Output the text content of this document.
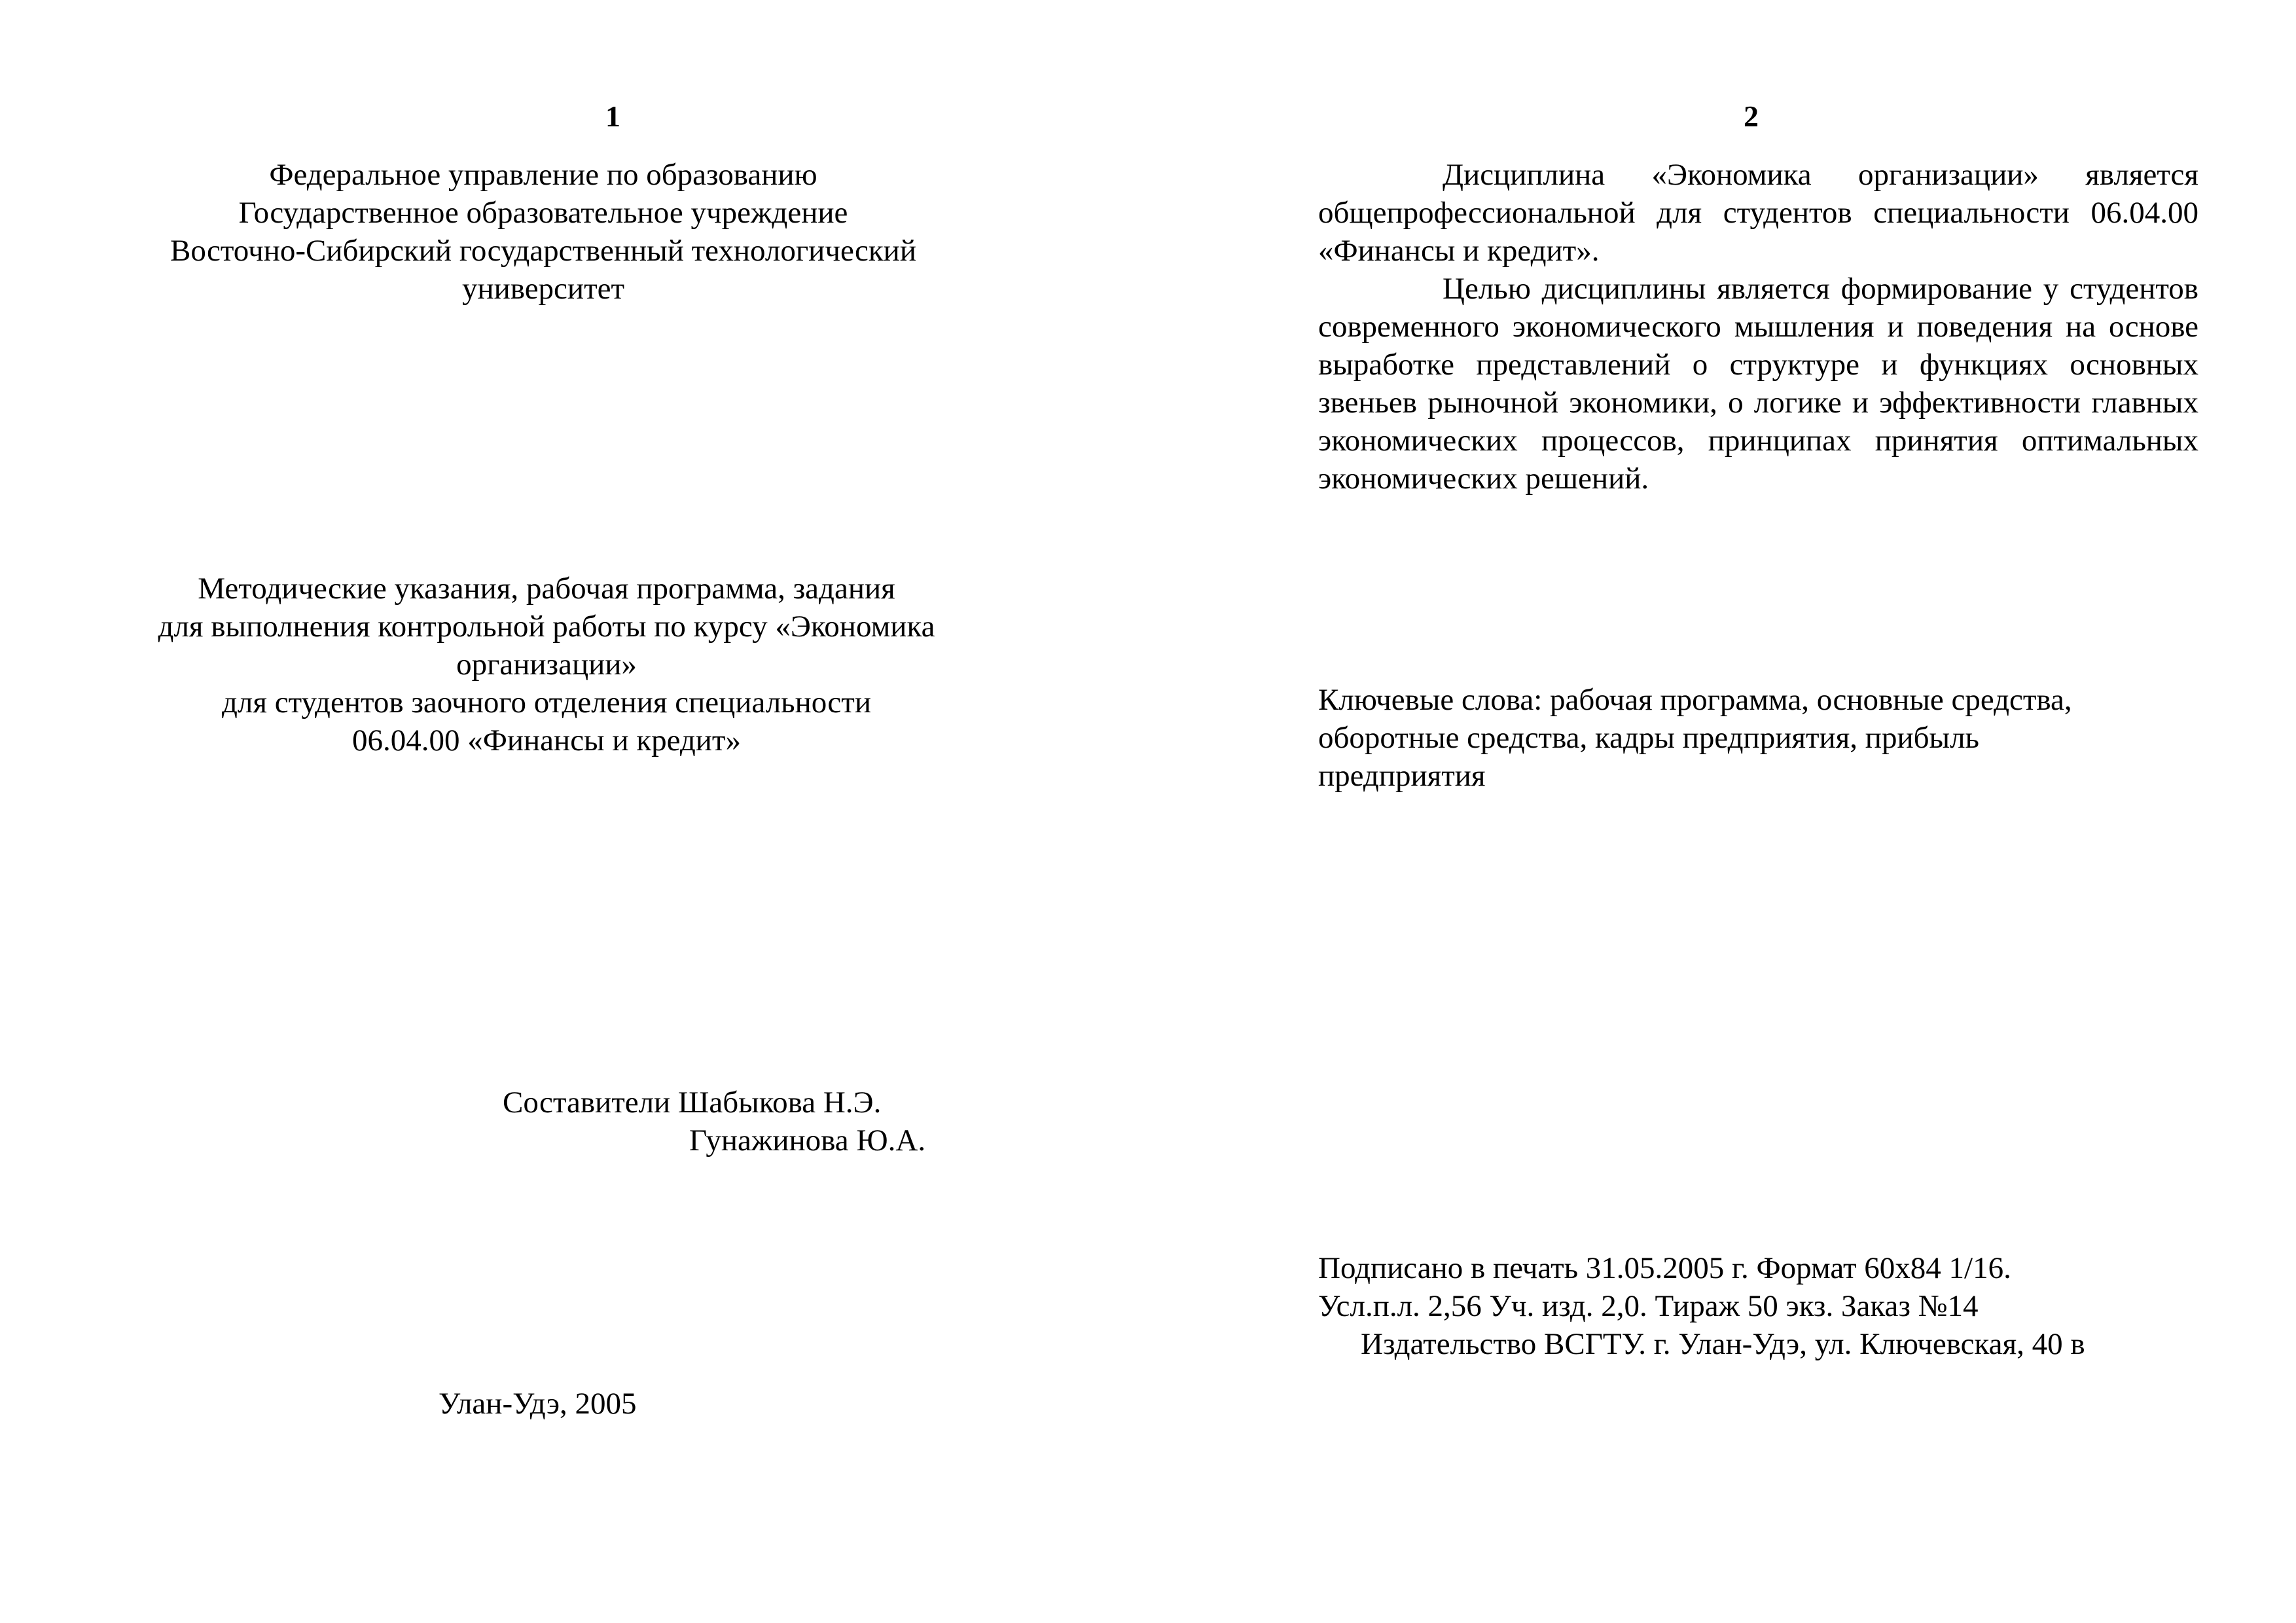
1
Федеральное управление по образованию
Государственное образовательное учреждение
Восточно-Сибирский государственный технологический
университет
Методические указания, рабочая программа, задания
для выполнения контрольной работы по курсу «Экономика
организации»
для студентов заочного отделения специальности
06.04.00 «Финансы и кредит»
Составители Шабыкова Н.Э.
Гунажинова Ю.А.
Улан-Удэ, 2005
2

Дисциплина «Экономика организации» является общепрофессиональной для студентов специальности 06.04.00 «Финансы и кредит».

Целью дисциплины является формирование у студентов современного экономического мышления и поведения на основе выработке представлений о структуре и функциях основных звеньев рыночной экономики, о логике и эффективности главных экономических процессов, принципах принятия оптимальных экономических решений.

Ключевые слова: рабочая программа, основные средства,
оборотные средства, кадры предприятия, прибыль
предприятия
Подписано в печать 31.05.2005 г. Формат 60х84 1/16.
Усл.п.л. 2,56 Уч. изд. 2,0. Тираж 50 экз. Заказ №14
Издательство ВСГТУ. г. Улан-Удэ, ул. Ключевская, 40 в
